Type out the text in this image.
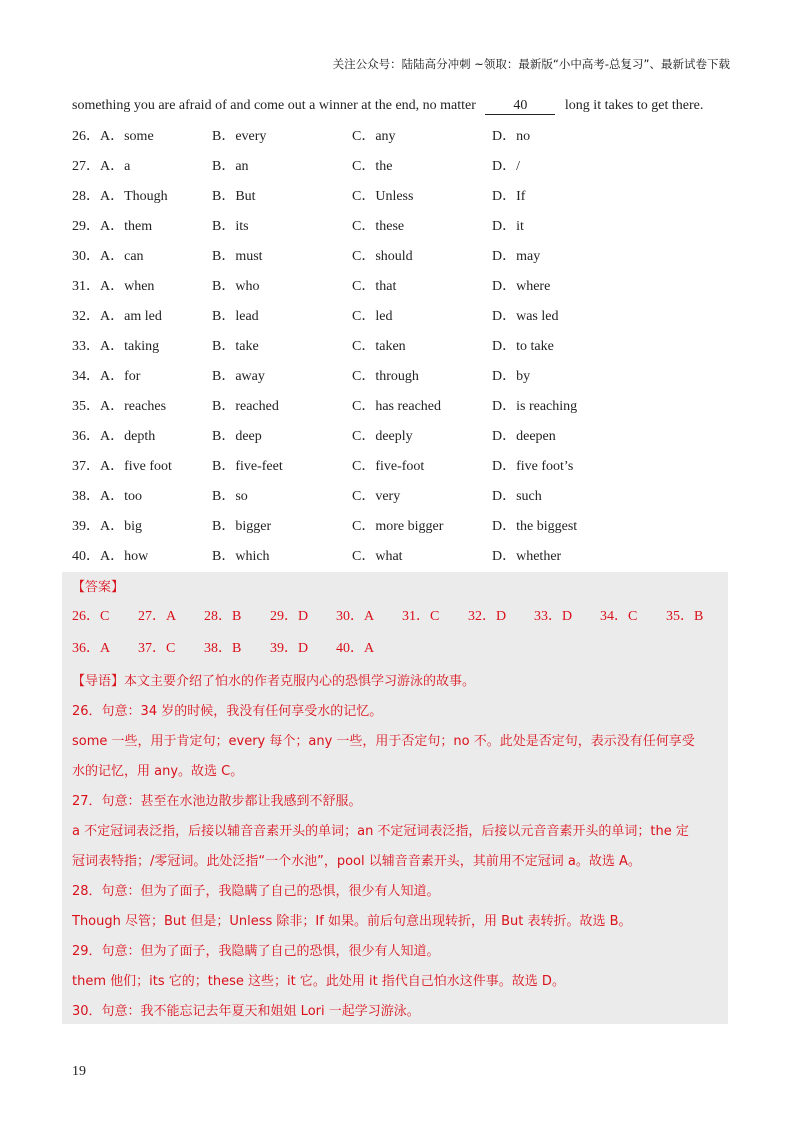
关注公众号：陆陆高分冲刺 ~领取：最新版“小中高考-总复习”、最新试卷下载
something you are afraid of and come out a winner at the end, no matter	40	long it takes to get there.
26． A．some	B．every	C．any	D．no
27． A．a	B．an	C．the	D．/
28． A．Though	B．But	C．Unless	D．If
29． A．them	B．its	C．these	D．it
30． A．can	B．must	C．should	D．may
31． A．when	B．who	C．that	D．where
32． A．am led	B．lead	C．led	D．was led
33． A．taking	B．take	C．taken	D．to take
34． A．for	B．away	C．through	D．by
35． A．reaches	B．reached	C．has reached	D．is reaching
36． A．depth	B．deep	C．deeply	D．deepen
37． A．five foot	B．five-feet	C．five-foot	D．five foot’s
38． A．too	B．so	C．very	D．such
39． A．big	B．bigger	C．more bigger	D．the biggest
40． A．how	B．which	C．what	D．whether
【答案】
26．C 27．A 28．B 29．D 30．A 31．C 32．D 33．D 34．C 35．B
36．A 37．C 38．B 39．D 40．A
【导语】本文主要介绍了怕水的作者克服内心的恐惧学习游泳的故事。
26．句意：34 岁的时候，我没有任何享受水的记忆。
some 一些，用于肯定句；every 每个；any 一些，用于否定句；no 不。此处是否定句，表示没有任何享受
水的记忆，用 any。故选 C。
27．句意：甚至在水池边散步都让我感到不舒服。
a 不定冠词表泛指，后接以辅音音素开头的单词；an 不定冠词表泛指，后接以元音音素开头的单词；the 定
冠词表特指；/零冠词。此处泛指“一个水池”，pool 以辅音音素开头，其前用不定冠词 a。故选 A。
28．句意：但为了面子，我隐瞒了自己的恐惧，很少有人知道。
Though 尽管；But 但是；Unless 除非；If 如果。前后句意出现转折，用 But 表转折。故选 B。
29．句意：但为了面子，我隐瞒了自己的恐惧，很少有人知道。
them 他们；its 它的；these 这些；it 它。此处用 it 指代自己怕水这件事。故选 D。
30．句意：我不能忘记去年夏天和姐姐 Lori 一起学习游泳。
19
